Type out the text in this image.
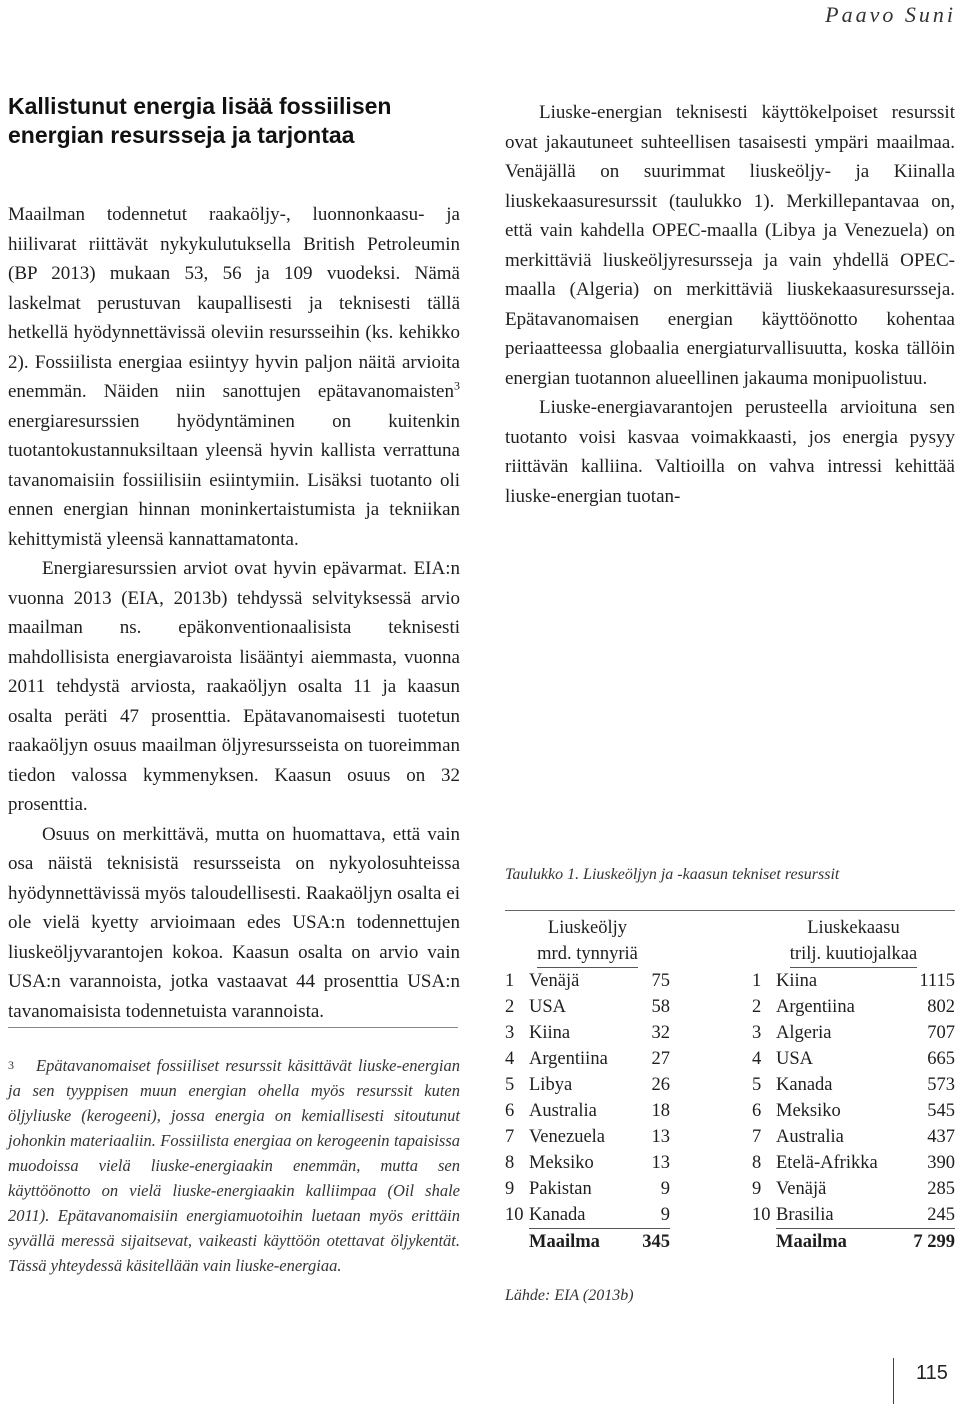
Paavo Suni
Kallistunut energia lisää fossiilisen energian resursseja ja tarjontaa

Maailman todennetut raakaöljy-, luonnonkaasu- ja hiilivarat riittävät nykykulutuksella British Petroleumin (BP 2013) mukaan 53, 56 ja 109 vuodeksi. Nämä laskelmat perustuvan kaupallisesti ja teknisesti tällä hetkellä hyödynnettävissä oleviin resursseihin (ks. kehikko 2). Fossiilista energiaa esiintyy hyvin paljon näitä arvioita enemmän. Näiden niin sanottujen epätavanomaisten$^3$ energiaresurssien hyödyntäminen on kuitenkin tuotantokustannuksiltaan yleensä hyvin kallista verrattuna tavanomaisiin fossiilisiin esiintymiin. Lisäksi tuotanto oli ennen energian hinnan moninkertaistumista ja tekniikan kehittymistä yleensä kannattamatonta.

Energiaresurssien arviot ovat hyvin epävarmat. EIA:n vuonna 2013 (EIA, 2013b) tehdyssä selvityksessä arvio maailman ns. epäkonventionaalisista teknisesti mahdollisista energiavaroista lisääntyi aiemmasta, vuonna 2011 tehdystä arviosta, raakaöljyn osalta 11 ja kaasun osalta peräti 47 prosenttia. Epätavanomaisesti tuotetun raakaöljyn osuus maailman öljyresursseista on tuoreimman tiedon valossa kymmenyksen. Kaasun osuus on 32 prosenttia.

Osuus on merkittävä, mutta on huomattava, että vain osa näistä teknisistä resursseista on nykyolosuhteissa hyödynnettävissä myös taloudellisesti. Raakaöljyn osalta ei ole vielä kyetty arvioimaan edes USA:n todennettujen liuskeöljyvarantojen kokoa. Kaasun osalta on arvio vain USA:n varannoista, jotka vastaavat 44 prosenttia USA:n tavanomaisista todennetuista varannoista.

$^3$ Epätavanomaiset fossiiliset resurssit käsittävät liuske-energian ja sen tyyppisen muun energian ohella myös resurssit kuten öljyliuske (kerogeeni), jossa energia on kemiallisesti sitoutunut johonkin materiaaliin. Fossiilista energiaa on kerogeenin tapaisissa muodoissa vielä liuske-energiaakin enemmän, mutta sen käyttöönotto on vielä liuske-energiaakin kalliimpaa (Oil shale 2011). Epätavanomaisiin energiamuotoihin luetaan myös erittäin syvällä meressä sijaitsevat, vaikeasti käyttöön otettavat öljykentät. Tässä yhteydessä käsitellään vain liuske-energiaa.

Liuske-energian teknisesti käyttökelpoiset resurssit ovat jakautuneet suhteellisen tasaisesti ympäri maailmaa. Venäjällä on suurimmat liuskeöljy- ja Kiinalla liuskekaasuresurssit (taulukko 1). Merkillepantavaa on, että vain kahdella OPEC-maalla (Libya ja Venezuela) on merkittäviä liuskeöljyresursseja ja vain yhdellä OPEC-maalla (Algeria) on merkittäviä liuskekaasuresursseja. Epätavanomaisen energian käyttöönotto kohentaa periaatteessa globaalia energiaturvallisuutta, koska tällöin energian tuotannon alueellinen jakauma monipuolistuu.

Liuske-energiavarantojen perusteella arvioituna sen tuotanto voisi kasvaa voimakkaasti, jos energia pysyy riittävän kalliina. Valtioilla on vahva intressi kehittää liuske-energian tuotan-

Taulukko 1. Liuskeöljyn ja -kaasun tekniset resurssit
Liuskeöljy
mrd. tynnyriä
1 Venäjä	75
2 USA	58
3 Kiina	32
4 Argentiina	27
5 Libya	26
6 Australia	18
7 Venezuela	13
8 Meksiko	13
9 Pakistan	9
10 Kanada	9
Maailma	345
Liuskekaasu
trilj. kuutiojalkaa
1 Kiina	1115
2 Argentiina	802
3 Algeria	707
4 USA	665
5 Kanada	573
6 Meksiko	545
7 Australia	437
8 Etelä-Afrikka	390
9 Venäjä	285
10 Brasilia	245
Maailma	7 299
Lähde: EIA (2013b)
115
